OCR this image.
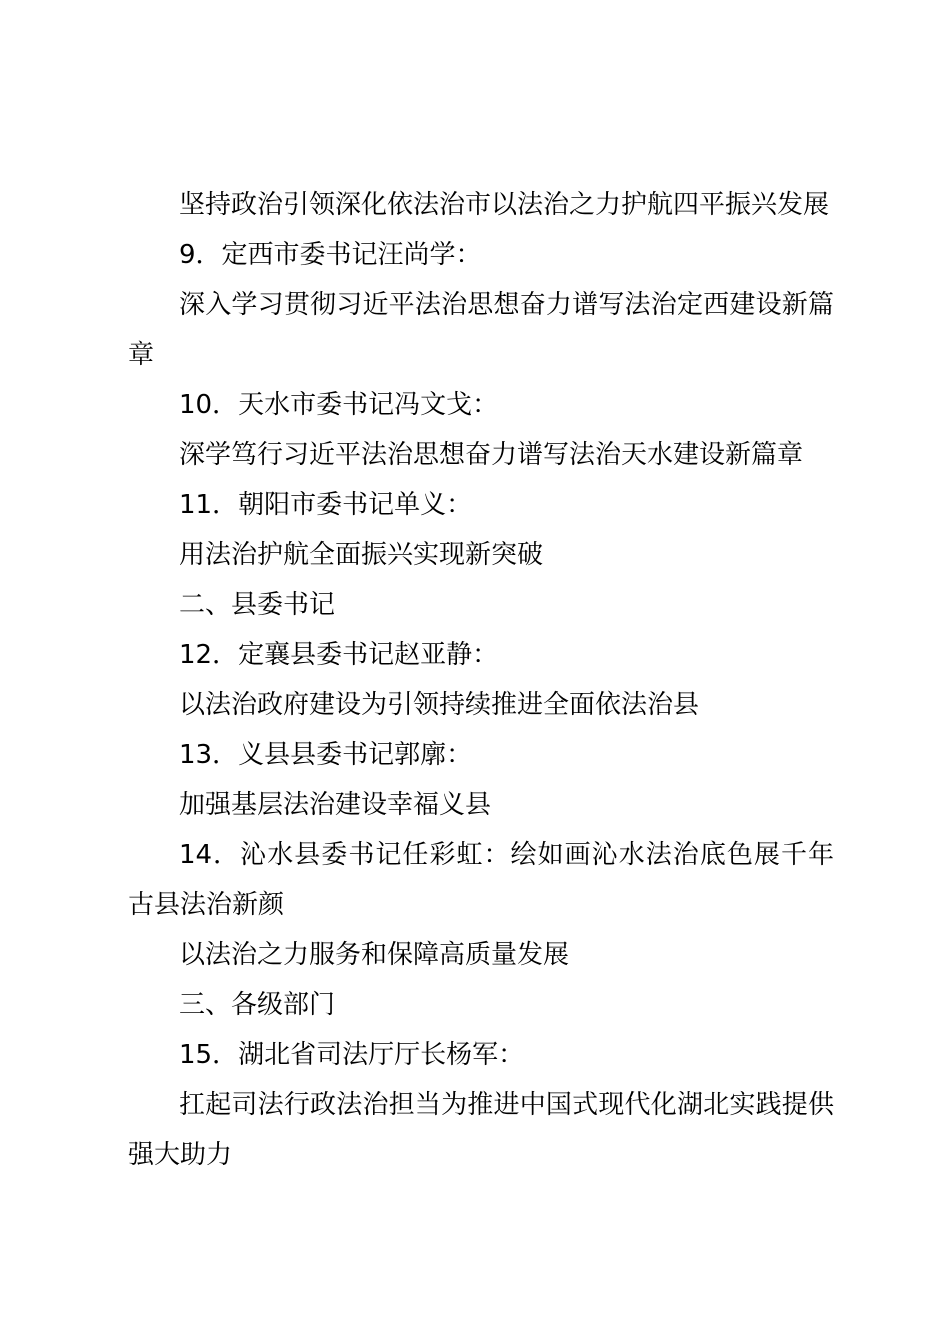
坚持政治引领深化依法治市以法治之力护航四平振兴发展

9．定西市委书记汪尚学：

深入学习贯彻习近平法治思想奋力谱写法治定西建设新篇章

10．天水市委书记冯文戈：

深学笃行习近平法治思想奋力谱写法治天水建设新篇章

11．朝阳市委书记单义：

用法治护航全面振兴实现新突破

二、县委书记

12．定襄县委书记赵亚静：

以法治政府建设为引领持续推进全面依法治县

13．义县县委书记郭廓：

加强基层法治建设幸福义县

14．沁水县委书记任彩虹：绘如画沁水法治底色展千年古县法治新颜

以法治之力服务和保障高质量发展

三、各级部门

15．湖北省司法厅厅长杨军：

扛起司法行政法治担当为推进中国式现代化湖北实践提供强大助力
